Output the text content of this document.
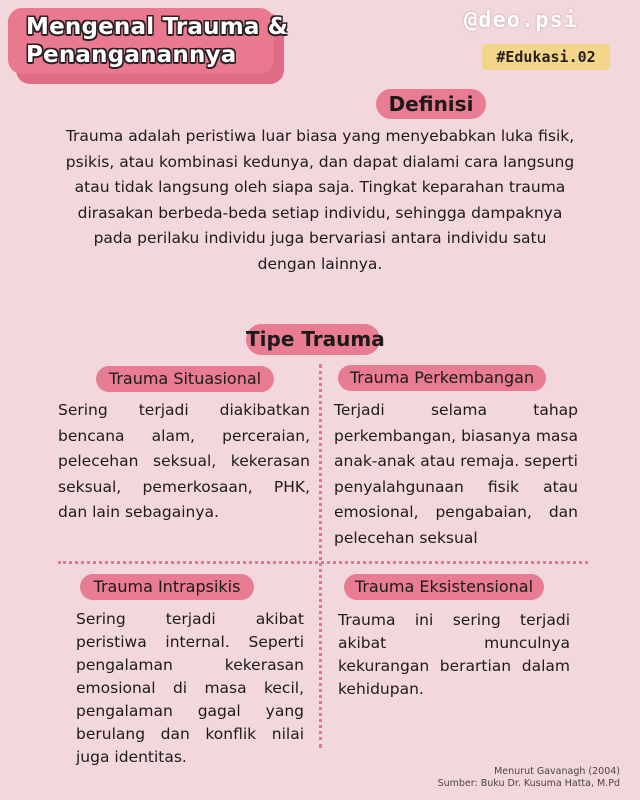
Mengenal Trauma &
Penanganannya
@deo.psi
#Edukasi.02
Definisi
Trauma adalah peristiwa luar biasa yang menyebabkan luka fisik,
psikis, atau kombinasi kedunya, dan dapat dialami cara langsung
atau tidak langsung oleh siapa saja. Tingkat keparahan trauma
dirasakan berbeda-beda setiap individu, sehingga dampaknya
pada perilaku individu juga bervariasi antara individu satu
dengan lainnya.
Tipe Trauma
Trauma Situasional
Sering terjadi diakibatkan bencana alam, perceraian, pelecehan seksual, kekerasan seksual, pemerkosaan, PHK, dan lain sebagainya.
Trauma Perkembangan
Terjadi selama tahap perkembangan, biasanya masa anak-anak atau remaja. seperti penyalahgunaan fisik atau emosional, pengabaian, dan pelecehan seksual
Trauma Intrapsikis
Sering terjadi akibat peristiwa internal. Seperti pengalaman kekerasan emosional di masa kecil, pengalaman gagal yang berulang dan konflik nilai juga identitas.
Trauma Eksistensional
Trauma ini sering terjadi akibat munculnya kekurangan berartian dalam kehidupan.
Menurut Gavanagh (2004)
Sumber: Buku Dr. Kusuma Hatta, M.Pd
